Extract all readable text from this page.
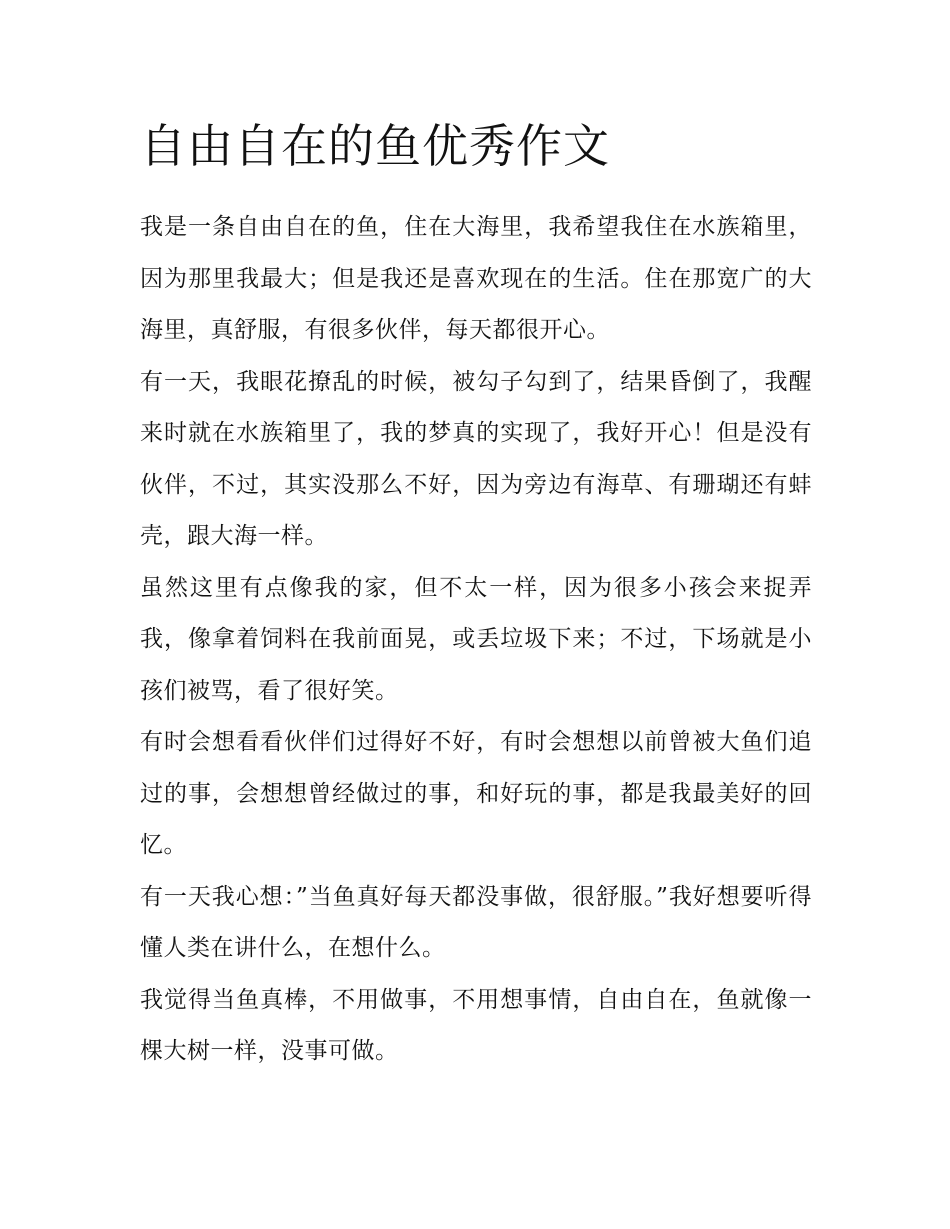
自由自在的鱼优秀作文

我是一条自由自在的鱼，住在大海里，我希望我住在水族箱里，因为那里我最大；但是我还是喜欢现在的生活。住在那宽广的大海里，真舒服，有很多伙伴，每天都很开心。

有一天，我眼花撩乱的时候，被勾子勾到了，结果昏倒了，我醒来时就在水族箱里了，我的梦真的实现了，我好开心！但是没有伙伴，不过，其实没那么不好，因为旁边有海草、有珊瑚还有蚌壳，跟大海一样。

虽然这里有点像我的家，但不太一样，因为很多小孩会来捉弄我，像拿着饲料在我前面晃，或丢垃圾下来；不过，下场就是小孩们被骂，看了很好笑。

有时会想看看伙伴们过得好不好，有时会想想以前曾被大鱼们追过的事，会想想曾经做过的事，和好玩的事，都是我最美好的回忆。

有一天我心想：”当鱼真好每天都没事做，很舒服。”我好想要听得懂人类在讲什么，在想什么。

我觉得当鱼真棒，不用做事，不用想事情，自由自在，鱼就像一棵大树一样，没事可做。
